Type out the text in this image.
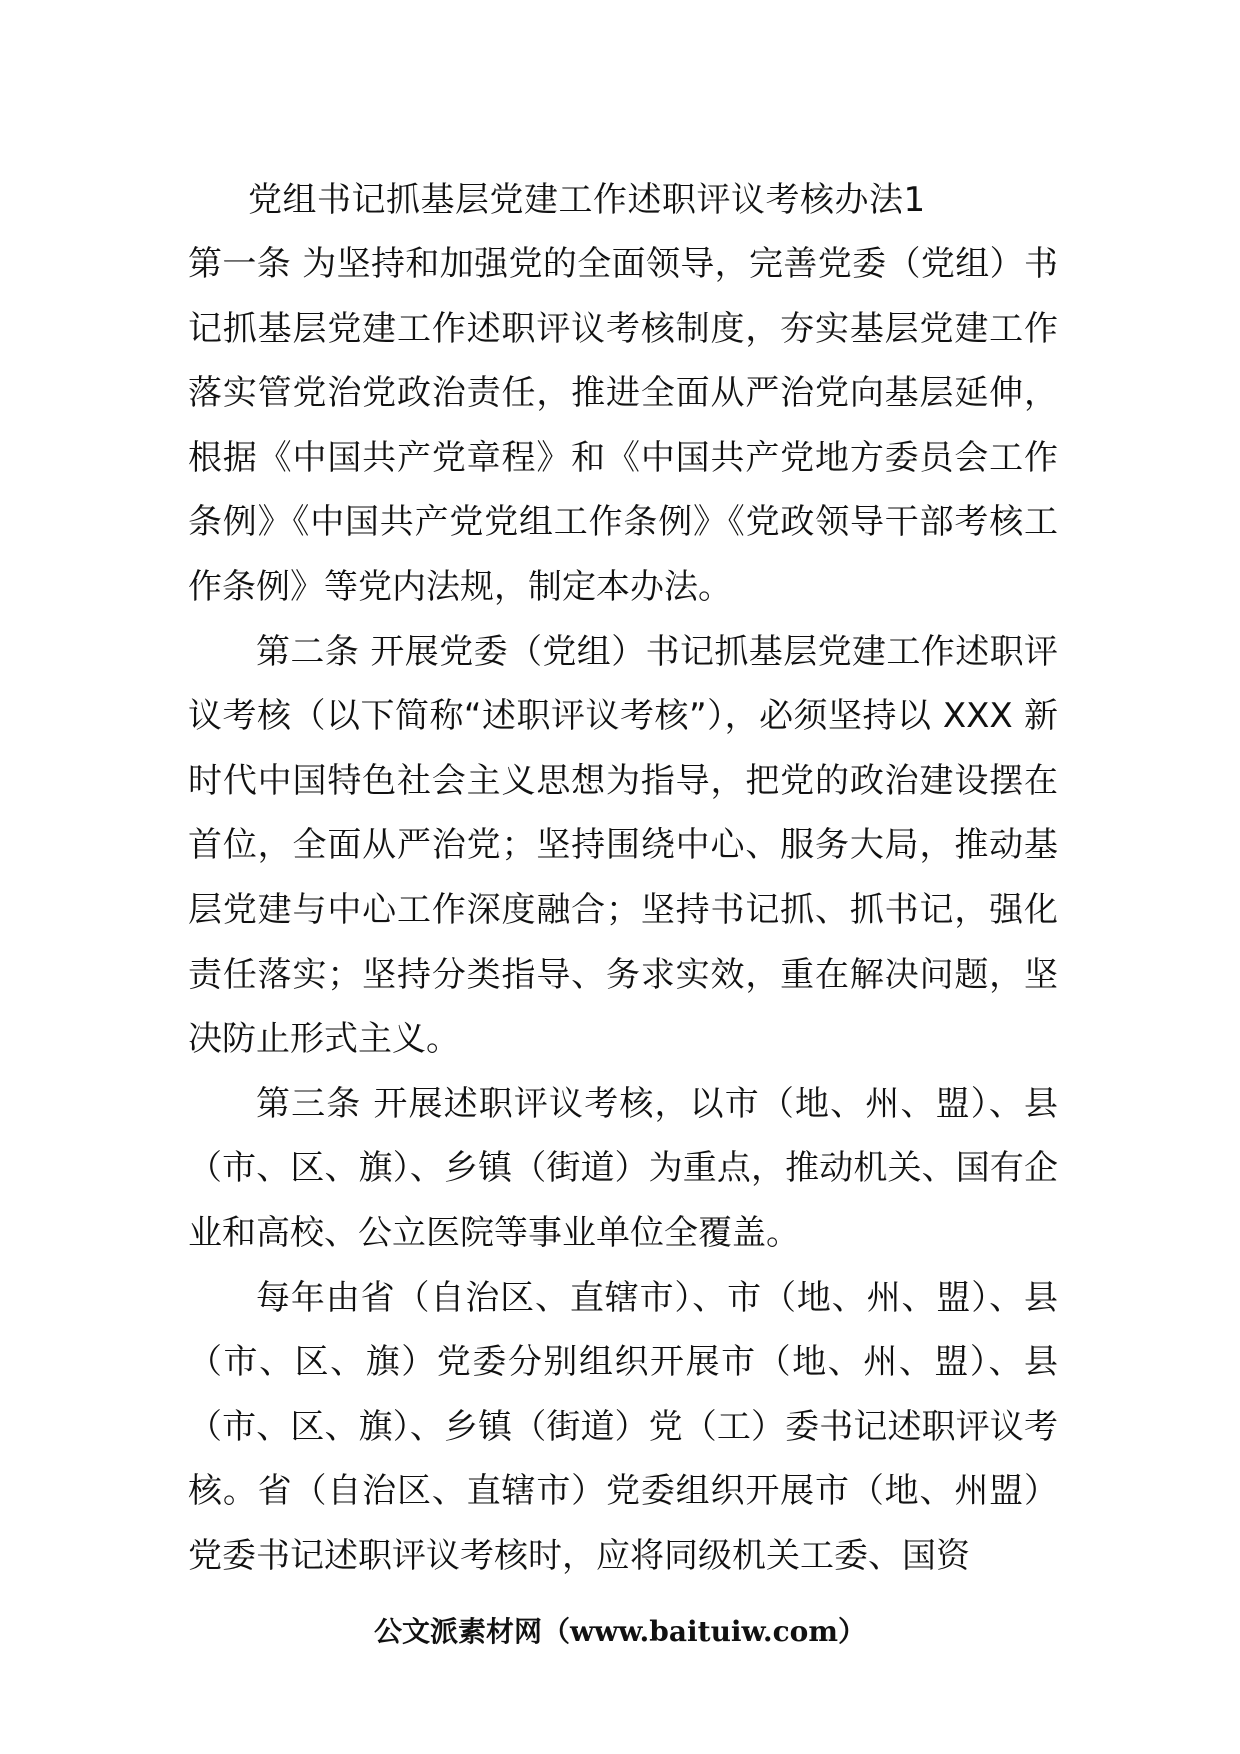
党组书记抓基层党建工作述职评议考核办法1

第一条 为坚持和加强党的全面领导，完善党委（党组）书记抓基层党建工作述职评议考核制度，夯实基层党建工作落实管党治党政治责任，推进全面从严治党向基层延伸，根据《中国共产党章程》和《中国共产党地方委员会工作条例》《中国共产党党组工作条例》《党政领导干部考核工作条例》等党内法规，制定本办法。

第二条 开展党委（党组）书记抓基层党建工作述职评议考核（以下简称“述职评议考核”），必须坚持以 XXX 新时代中国特色社会主义思想为指导，把党的政治建设摆在首位，全面从严治党；坚持围绕中心、服务大局，推动基层党建与中心工作深度融合；坚持书记抓、抓书记，强化责任落实；坚持分类指导、务求实效，重在解决问题，坚决防止形式主义。

第三条 开展述职评议考核，以市（地、州、盟）、县（市、区、旗）、乡镇（街道）为重点，推动机关、国有企业和高校、公立医院等事业单位全覆盖。

每年由省（自治区、直辖市）、市（地、州、盟）、县（市、区、旗）党委分别组织开展市（地、州、盟）、县（市、区、旗）、乡镇（街道）党（工）委书记述职评议考核。省（自治区、直辖市）党委组织开展市（地、州盟）党委书记述职评议考核时，应将同级机关工委、国资

公文派素材网（www.baituiw.com）
